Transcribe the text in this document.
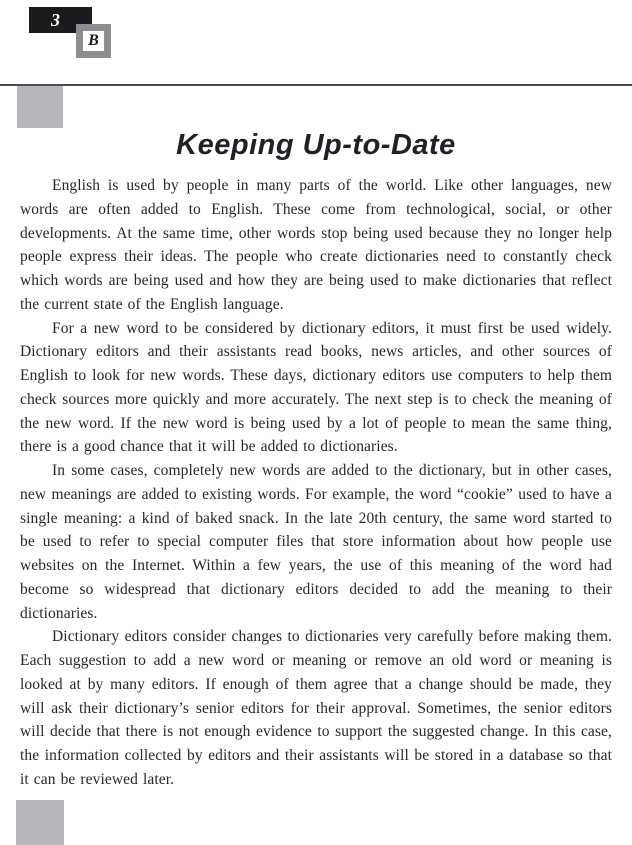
3
B
Keeping Up-to-Date

English is used by people in many parts of the world. Like other languages, new words are often added to English. These come from technological, social, or other developments. At the same time, other words stop being used because they no longer help people express their ideas. The people who create dictionaries need to constantly check which words are being used and how they are being used to make dictionaries that reflect the current state of the English language.

For a new word to be considered by dictionary editors, it must first be used widely. Dictionary editors and their assistants read books, news articles, and other sources of English to look for new words. These days, dictionary editors use computers to help them check sources more quickly and more accurately. The next step is to check the meaning of the new word. If the new word is being used by a lot of people to mean the same thing, there is a good chance that it will be added to dictionaries.

In some cases, completely new words are added to the dictionary, but in other cases, new meanings are added to existing words. For example, the word “cookie” used to have a single meaning: a kind of baked snack. In the late 20th century, the same word started to be used to refer to special computer files that store information about how people use websites on the Internet. Within a few years, the use of this meaning of the word had become so widespread that dictionary editors decided to add the meaning to their dictionaries.

Dictionary editors consider changes to dictionaries very carefully before making them. Each suggestion to add a new word or meaning or remove an old word or meaning is looked at by many editors. If enough of them agree that a change should be made, they will ask their dictionary’s senior editors for their approval. Sometimes, the senior editors will decide that there is not enough evidence to support the suggested change. In this case, the information collected by editors and their assistants will be stored in a database so that it can be reviewed later.
